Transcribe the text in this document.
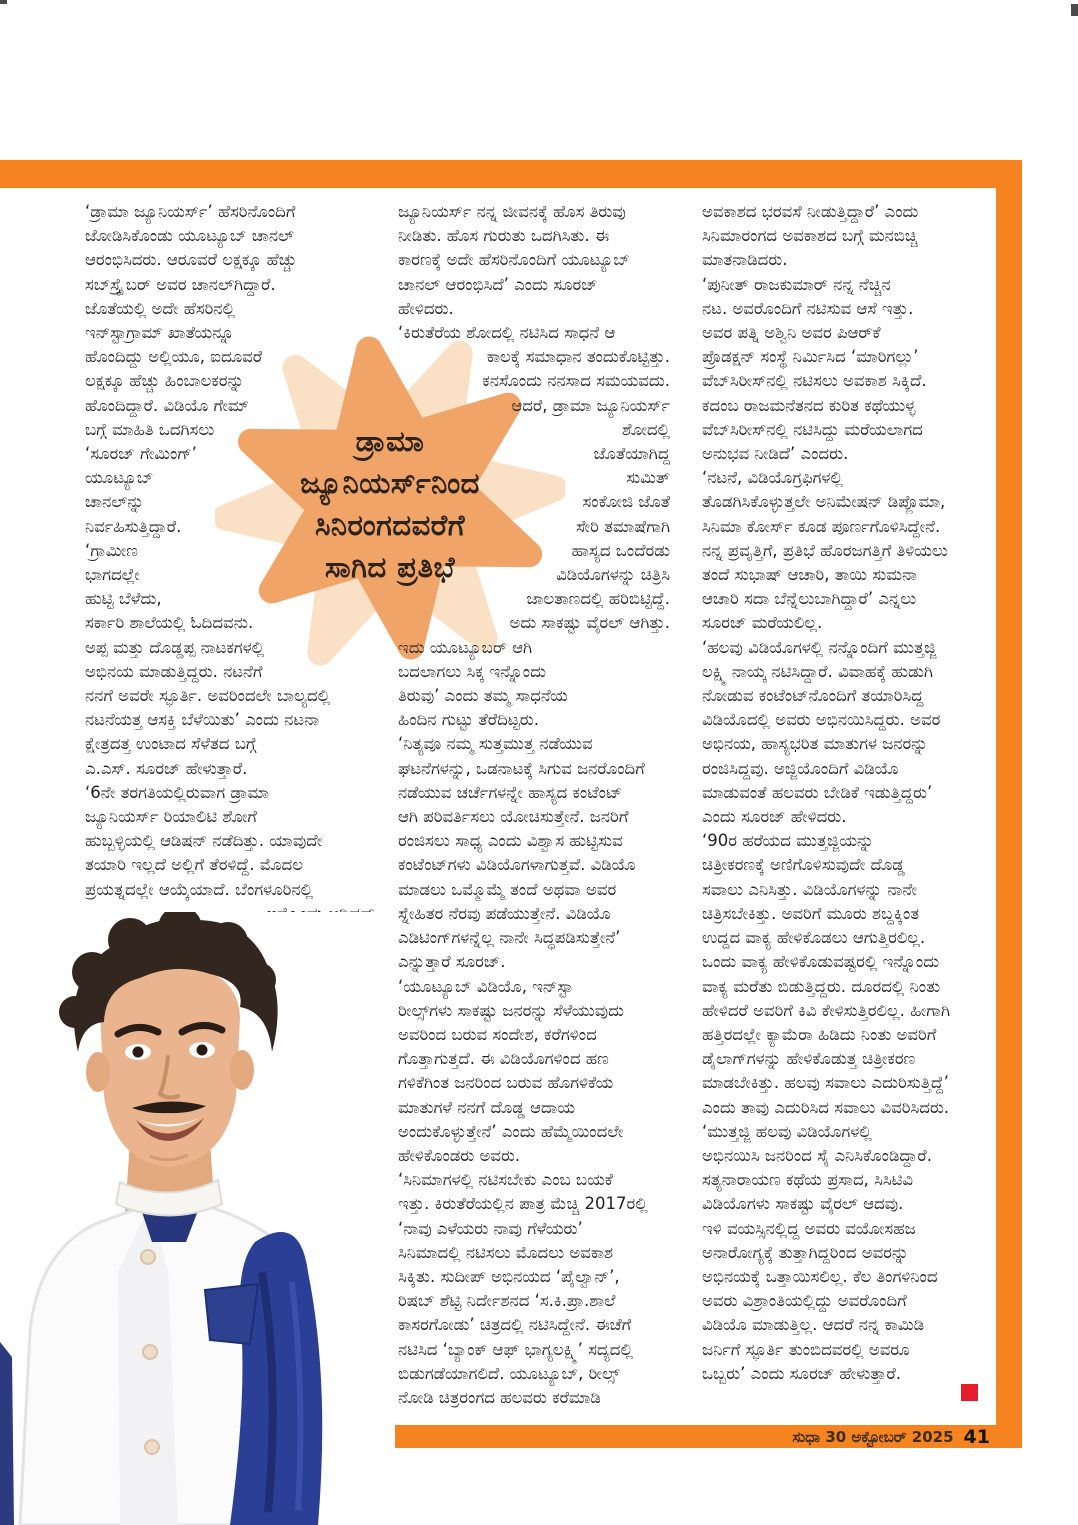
ಡ್ರಾಮಾ
ಜ್ಯೂನಿಯರ್ಸ್‌ನಿಂದ
ಸಿನಿರಂಗದವರೆಗೆ
ಸಾಗಿದ ಪ್ರತಿಭೆ
‘ಡ್ರಾಮಾ ಜ್ಯೂನಿಯರ್ಸ್’ ಹೆಸರಿನೊಂದಿಗೆ
ಜೋಡಿಸಿಕೊಂಡು ಯೂಟ್ಯೂಬ್ ಚಾನಲ್
ಆರಂಭಿಸಿದರು. ಆರೂವರೆ ಲಕ್ಷಕ್ಕೂ ಹೆಚ್ಚು
ಸಬ್‌ಸ್ಕ್ರೈಬರ್ ಅವರ ಚಾನಲ್‌ಗಿದ್ದಾರೆ.
ಜೊತೆಯಲ್ಲಿ ಅದೇ ಹೆಸರಿನಲ್ಲಿ
ಇನ್‌ಸ್ಟಾಗ್ರಾಮ್ ಖಾತೆಯನ್ನೂ
ಹೊಂದಿದ್ದು ಅಲ್ಲಿಯೂ, ಐದೂವರೆ
ಲಕ್ಷಕ್ಕೂ ಹೆಚ್ಚು ಹಿಂಬಾಲಕರನ್ನು
ಹೊಂದಿದ್ದಾರೆ. ವಿಡಿಯೊ ಗೇಮ್
ಬಗ್ಗೆ ಮಾಹಿತಿ ಒದಗಿಸಲು
‘ಸೂರಜ್ ಗೇಮಿಂಗ್’
ಯೂಟ್ಯೂಬ್
ಚಾನಲ್‌ನ್ನು
ನಿರ್ವಹಿಸುತ್ತಿದ್ದಾರೆ.
‘ಗ್ರಾಮೀಣ
ಭಾಗದಲ್ಲೇ
ಹುಟ್ಟಿ ಬೆಳೆದು,
ಸರ್ಕಾರಿ ಶಾಲೆಯಲ್ಲಿ ಓದಿದವನು.
ಅಪ್ಪ ಮತ್ತು ದೊಡ್ಡಪ್ಪ ನಾಟಕಗಳಲ್ಲಿ
ಅಭಿನಯ ಮಾಡುತ್ತಿದ್ದರು. ನಟನೆಗೆ
ನನಗೆ ಅವರೇ ಸ್ಫೂರ್ತಿ. ಅವರಿಂದಲೇ ಬಾಲ್ಯದಲ್ಲಿ
ನಟನೆಯತ್ತ ಆಸಕ್ತಿ ಬೆಳೆಯಿತು’ ಎಂದು ನಟನಾ
ಕ್ಷೇತ್ರದತ್ತ ಉಂಟಾದ ಸೆಳೆತದ ಬಗ್ಗೆ
ಎ.ಎಸ್. ಸೂರಜ್ ಹೇಳುತ್ತಾರೆ.
‘6ನೇ ತರಗತಿಯಲ್ಲಿರುವಾಗ ಡ್ರಾಮಾ
ಜ್ಯೂನಿಯರ್ಸ್ ರಿಯಾಲಿಟಿ ಶೋಗೆ
ಹುಬ್ಬಳ್ಳಿಯಲ್ಲಿ ಆಡಿಷನ್ ನಡೆದಿತ್ತು. ಯಾವುದೇ
ತಯಾರಿ ಇಲ್ಲದೆ ಅಲ್ಲಿಗೆ ತೆರಳಿದ್ದೆ. ಮೊದಲ
ಪ್ರಯತ್ನದಲ್ಲೇ ಆಯ್ಕೆಯಾದೆ. ಬೆಂಗಳೂರಿನಲ್ಲಿ
ಜ್ಯೂನಿಯರ್ಸ್ ನನ್ನ ಜೀವನಕ್ಕೆ ಹೊಸ ತಿರುವು
ನೀಡಿತು. ಹೊಸ ಗುರುತು ಒದಗಿಸಿತು. ಈ
ಕಾರಣಕ್ಕೆ ಅದೇ ಹೆಸರಿನೊಂದಿಗೆ ಯೂಟ್ಯೂಬ್
ಚಾನಲ್ ಆರಂಭಿಸಿದೆ’ ಎಂದು ಸೂರಜ್
ಹೇಳಿದರು.
‘ಕಿರುತೆರೆಯ ಶೋದಲ್ಲಿ ನಟಿಸಿದ ಸಾಧನೆ ಆ
ಕಾಲಕ್ಕೆ ಸಮಾಧಾನ ತಂದುಕೊಟ್ಟಿತ್ತು.
ಕನಸೊಂದು ನನಸಾದ ಸಮಯವದು.
ಆದರೆ, ಡ್ರಾಮಾ ಜ್ಯೂನಿಯರ್ಸ್
ಶೋದಲ್ಲಿ
ಜೊತೆಯಾಗಿದ್ದ
ಸುಮಿತ್
ಸಂಕೋಜಿ ಜೊತೆ
ಸೇರಿ ತಮಾಷೆಗಾಗಿ
ಹಾಸ್ಯದ ಒಂದೆರಡು
ವಿಡಿಯೊಗಳನ್ನು ಚಿತ್ರಿಸಿ
ಜಾಲತಾಣದಲ್ಲಿ ಹರಿಬಿಟ್ಟಿದ್ದೆ.
ಅದು ಸಾಕಷ್ಟು ವೈರಲ್ ಆಗಿತ್ತು.
ಇದು ಯೂಟ್ಯೂಬರ್ ಆಗಿ
ಬದಲಾಗಲು ಸಿಕ್ಕ ಇನ್ನೊಂದು
ತಿರುವು’ ಎಂದು ತಮ್ಮ ಸಾಧನೆಯ
ಹಿಂದಿನ ಗುಟ್ಟು ತೆರೆದಿಟ್ಟರು.
‘ನಿತ್ಯವೂ ನಮ್ಮ ಸುತ್ತಮುತ್ತ ನಡೆಯುವ
ಘಟನೆಗಳನ್ನು, ಒಡನಾಟಕ್ಕೆ ಸಿಗುವ ಜನರೊಂದಿಗೆ
ನಡೆಯುವ ಚರ್ಚೆಗಳನ್ನೇ ಹಾಸ್ಯದ ಕಂಟೆಂಟ್
ಆಗಿ ಪರಿವರ್ತಿಸಲು ಯೋಚಿಸುತ್ತೇನೆ. ಜನರಿಗೆ
ರಂಜಿಸಲು ಸಾಧ್ಯ ಎಂದು ವಿಶ್ವಾಸ ಹುಟ್ಟಿಸುವ
ಕಂಟೆಂಟ್‌ಗಳು ವಿಡಿಯೊಗಳಾಗುತ್ತವೆ. ವಿಡಿಯೊ
ಮಾಡಲು ಒಮ್ಮೊಮ್ಮೆ ತಂದೆ ಅಥವಾ ಅವರ
ಸ್ನೇಹಿತರ ನೆರವು ಪಡೆಯುತ್ತೇನೆ. ವಿಡಿಯೊ
ಎಡಿಟಿಂಗ್‌ಗಳನ್ನೆಲ್ಲ ನಾನೇ ಸಿದ್ಧಪಡಿಸುತ್ತೇನೆ’
ಎನ್ನುತ್ತಾರೆ ಸೂರಜ್.
‘ಯೂಟ್ಯೂಬ್ ವಿಡಿಯೊ, ಇನ್‌ಸ್ಟಾ
ರೀಲ್ಸ್‌ಗಳು ಸಾಕಷ್ಟು ಜನರನ್ನು ಸೆಳೆಯುವುದು
ಅವರಿಂದ ಬರುವ ಸಂದೇಶ, ಕರೆಗಳಿಂದ
ಗೊತ್ತಾಗುತ್ತದೆ. ಈ ವಿಡಿಯೊಗಳಿಂದ ಹಣ
ಗಳಿಕೆಗಿಂತ ಜನರಿಂದ ಬರುವ ಹೊಗಳಿಕೆಯ
ಮಾತುಗಳೆ ನನಗೆ ದೊಡ್ಡ ಆದಾಯ
ಅಂದುಕೊಳ್ಳುತ್ತೇನೆ’ ಎಂದು ಹೆಮ್ಮೆಯಿಂದಲೇ
ಹೇಳಿಕೊಂಡರು ಅವರು.
‘ಸಿನಿಮಾಗಳಲ್ಲಿ ನಟಿಸಬೇಕು ಎಂಬ ಬಯಕೆ
ಇತ್ತು. ಕಿರುತೆರೆಯಲ್ಲಿನ ಪಾತ್ರ ಮೆಚ್ಚಿ 2017ರಲ್ಲಿ
‘ನಾವು ಎಳೆಯರು ನಾವು ಗೆಳೆಯರು’
ಸಿನಿಮಾದಲ್ಲಿ ನಟಿಸಲು ಮೊದಲು ಅವಕಾಶ
ಸಿಕ್ಕಿತು. ಸುದೀಪ್ ಅಭಿನಯದ ‘ಪೈಲ್ವಾನ್’,
ರಿಷಬ್ ಶೆಟ್ಟಿ ನಿರ್ದೇಶನದ ‘ಸ.ಕಿ.ಪ್ರಾ.ಶಾಲೆ
ಕಾಸರಗೋಡು’ ಚಿತ್ರದಲ್ಲಿ ನಟಿಸಿದ್ದೇನೆ. ಈಚೆಗೆ
ನಟಿಸಿದ ‘ಬ್ಯಾಂಕ್ ಆಫ್ ಭಾಗ್ಯಲಕ್ಷ್ಮಿ’ ಸದ್ಯದಲ್ಲಿ
ಬಿಡುಗಡೆಯಾಗಲಿದೆ. ಯೂಟ್ಯೂಬ್, ರೀಲ್ಸ್
ನೋಡಿ ಚಿತ್ರರಂಗದ ಹಲವರು ಕರೆಮಾಡಿ
ಅವಕಾಶದ ಭರವಸೆ ನೀಡುತ್ತಿದ್ದಾರೆ’ ಎಂದು
ಸಿನಿಮಾರಂಗದ ಅವಕಾಶದ ಬಗ್ಗೆ ಮನಬಿಚ್ಚಿ
ಮಾತನಾಡಿದರು.
‘ಪುನೀತ್ ರಾಜಕುಮಾರ್ ನನ್ನ ನೆಚ್ಚಿನ
ನಟ. ಅವರೊಂದಿಗೆ ನಟಿಸುವ ಆಸೆ ಇತ್ತು.
ಅವರ ಪತ್ನಿ ಅಶ್ವಿನಿ ಅವರ ಪಿಆರ್‌ಕೆ
ಪ್ರೊಡಕ್ಷನ್ ಸಂಸ್ಥೆ ನಿರ್ಮಿಸಿದ ‘ಮಾರಿಗಲ್ಲು’
ವೆಬ್‌ಸಿರೀಸ್‌ನಲ್ಲಿ ನಟಿಸಲು ಅವಕಾಶ ಸಿಕ್ಕಿದೆ.
ಕದಂಬ ರಾಜಮನೆತನದ ಕುರಿತ ಕಥೆಯುಳ್ಳ
ವೆಬ್‌ಸಿರೀಸ್‌ನಲ್ಲಿ ನಟಿಸಿದ್ದು ಮರೆಯಲಾಗದ
ಅನುಭವ ನೀಡಿದೆ’ ಎಂದರು.
‘ನಟನೆ, ವಿಡಿಯೊಗ್ರಫಿಗಳಲ್ಲಿ
ತೊಡಗಿಸಿಕೊಳ್ಳುತ್ತಲೇ ಅನಿಮೇಷನ್ ಡಿಪ್ಲೊಮಾ,
ಸಿನಿಮಾ ಕೋರ್ಸ್ ಕೂಡ ಪೂರ್ಣಗೊಳಿಸಿದ್ದೇನೆ.
ನನ್ನ ಪ್ರವೃತ್ತಿಗೆ, ಪ್ರತಿಭೆ ಹೊರಜಗತ್ತಿಗೆ ತಿಳಿಯಲು
ತಂದೆ ಸುಭಾಷ್ ಆಚಾರಿ, ತಾಯಿ ಸುಮನಾ
ಆಚಾರಿ ಸದಾ ಬೆನ್ನೆಲುಬಾಗಿದ್ದಾರೆ’ ಎನ್ನಲು
ಸೂರಜ್ ಮರೆಯಲಿಲ್ಲ.
‘ಹಲವು ವಿಡಿಯೊಗಳಲ್ಲಿ ನನ್ನೊಂದಿಗೆ ಮುತ್ತಜ್ಜಿ
ಲಕ್ಷ್ಮಿ ನಾಯ್ಕ ನಟಿಸಿದ್ದಾರೆ. ವಿವಾಹಕ್ಕೆ ಹುಡುಗಿ
ನೋಡುವ ಕಂಟೆಂಟ್‌ನೊಂದಿಗೆ ತಯಾರಿಸಿದ್ದ
ವಿಡಿಯೊದಲ್ಲಿ ಅವರು ಅಭಿನಯಿಸಿದ್ದರು. ಅವರ
ಅಭಿನಯ, ಹಾಸ್ಯಭರಿತ ಮಾತುಗಳ ಜನರನ್ನು
ರಂಜಿಸಿದ್ದವು. ಅಜ್ಜಿಯೊಂದಿಗೆ ವಿಡಿಯೊ
ಮಾಡುವಂತೆ ಹಲವರು ಬೇಡಿಕೆ ಇಡುತ್ತಿದ್ದರು’
ಎಂದು ಸೂರಜ್ ಹೇಳಿದರು.
‘90ರ ಹರೆಯದ ಮುತ್ತಜ್ಜಿಯನ್ನು
ಚಿತ್ರೀಕರಣಕ್ಕೆ ಅಣಿಗೊಳಿಸುವುದೇ ದೊಡ್ಡ
ಸವಾಲು ಎನಿಸಿತ್ತು. ವಿಡಿಯೊಗಳನ್ನು ನಾನೇ
ಚಿತ್ರಿಸಬೇಕಿತ್ತು. ಅವರಿಗೆ ಮೂರು ಶಬ್ದಕ್ಕಿಂತ
ಉದ್ದದ ವಾಕ್ಯ ಹೇಳಿಕೊಡಲು ಆಗುತ್ತಿರಲಿಲ್ಲ.
ಒಂದು ವಾಕ್ಯ ಹೇಳಿಕೊಡುವಷ್ಟರಲ್ಲಿ ಇನ್ನೊಂದು
ವಾಕ್ಯ ಮರೆತು ಬಿಡುತ್ತಿದ್ದರು. ದೂರದಲ್ಲಿ ನಿಂತು
ಹೇಳಿದರೆ ಅವರಿಗೆ ಕಿವಿ ಕೇಳಿಸುತ್ತಿರಲಿಲ್ಲ. ಹೀಗಾಗಿ
ಹತ್ತಿರದಲ್ಲೇ ಕ್ಯಾಮೆರಾ ಹಿಡಿದು ನಿಂತು ಅವರಿಗೆ
ಡೈಲಾಗ್‌ಗಳನ್ನು ಹೇಳಿಕೊಡುತ್ತ ಚಿತ್ರೀಕರಣ
ಮಾಡಬೇಕಿತ್ತು. ಹಲವು ಸವಾಲು ಎದುರಿಸುತ್ತಿದ್ದೆ’
ಎಂದು ತಾವು ಎದುರಿಸಿದ ಸವಾಲು ವಿವರಿಸಿದರು.
‘ಮುತ್ತಜ್ಜಿ ಹಲವು ವಿಡಿಯೊಗಳಲ್ಲಿ
ಅಭಿನಯಿಸಿ ಜನರಿಂದ ಸೈ ಎನಿಸಿಕೊಂಡಿದ್ದಾರೆ.
ಸತ್ಯನಾರಾಯಣ ಕಥೆಯ ಪ್ರಸಾದ, ಸಿಸಿಟಿವಿ
ವಿಡಿಯೊಗಳು ಸಾಕಷ್ಟು ವೈರಲ್ ಆದವು.
ಇಳಿ ವಯಸ್ಸಿನಲ್ಲಿದ್ದ ಅವರು ವಯೋಸಹಜ
ಅನಾರೋಗ್ಯಕ್ಕೆ ತುತ್ತಾಗಿದ್ದರಿಂದ ಅವರನ್ನು
ಅಭಿನಯಕ್ಕೆ ಒತ್ತಾಯಿಸಲಿಲ್ಲ. ಕೆಲ ತಿಂಗಳಿನಿಂದ
ಅವರು ವಿಶ್ರಾಂತಿಯಲ್ಲಿದ್ದು ಅವರೊಂದಿಗೆ
ವಿಡಿಯೊ ಮಾಡುತ್ತಿಲ್ಲ. ಆದರೆ ನನ್ನ ಕಾಮಿಡಿ
ಜರ್ನಿಗೆ ಸ್ಫೂರ್ತಿ ತುಂಬಿದವರಲ್ಲಿ ಅವರೂ
ಒಬ್ಬರು’ ಎಂದು ಸೂರಜ್ ಹೇಳುತ್ತಾರೆ.
ಸುಧಾ 30 ಅಕ್ಟೋಬರ್ 2025 41
